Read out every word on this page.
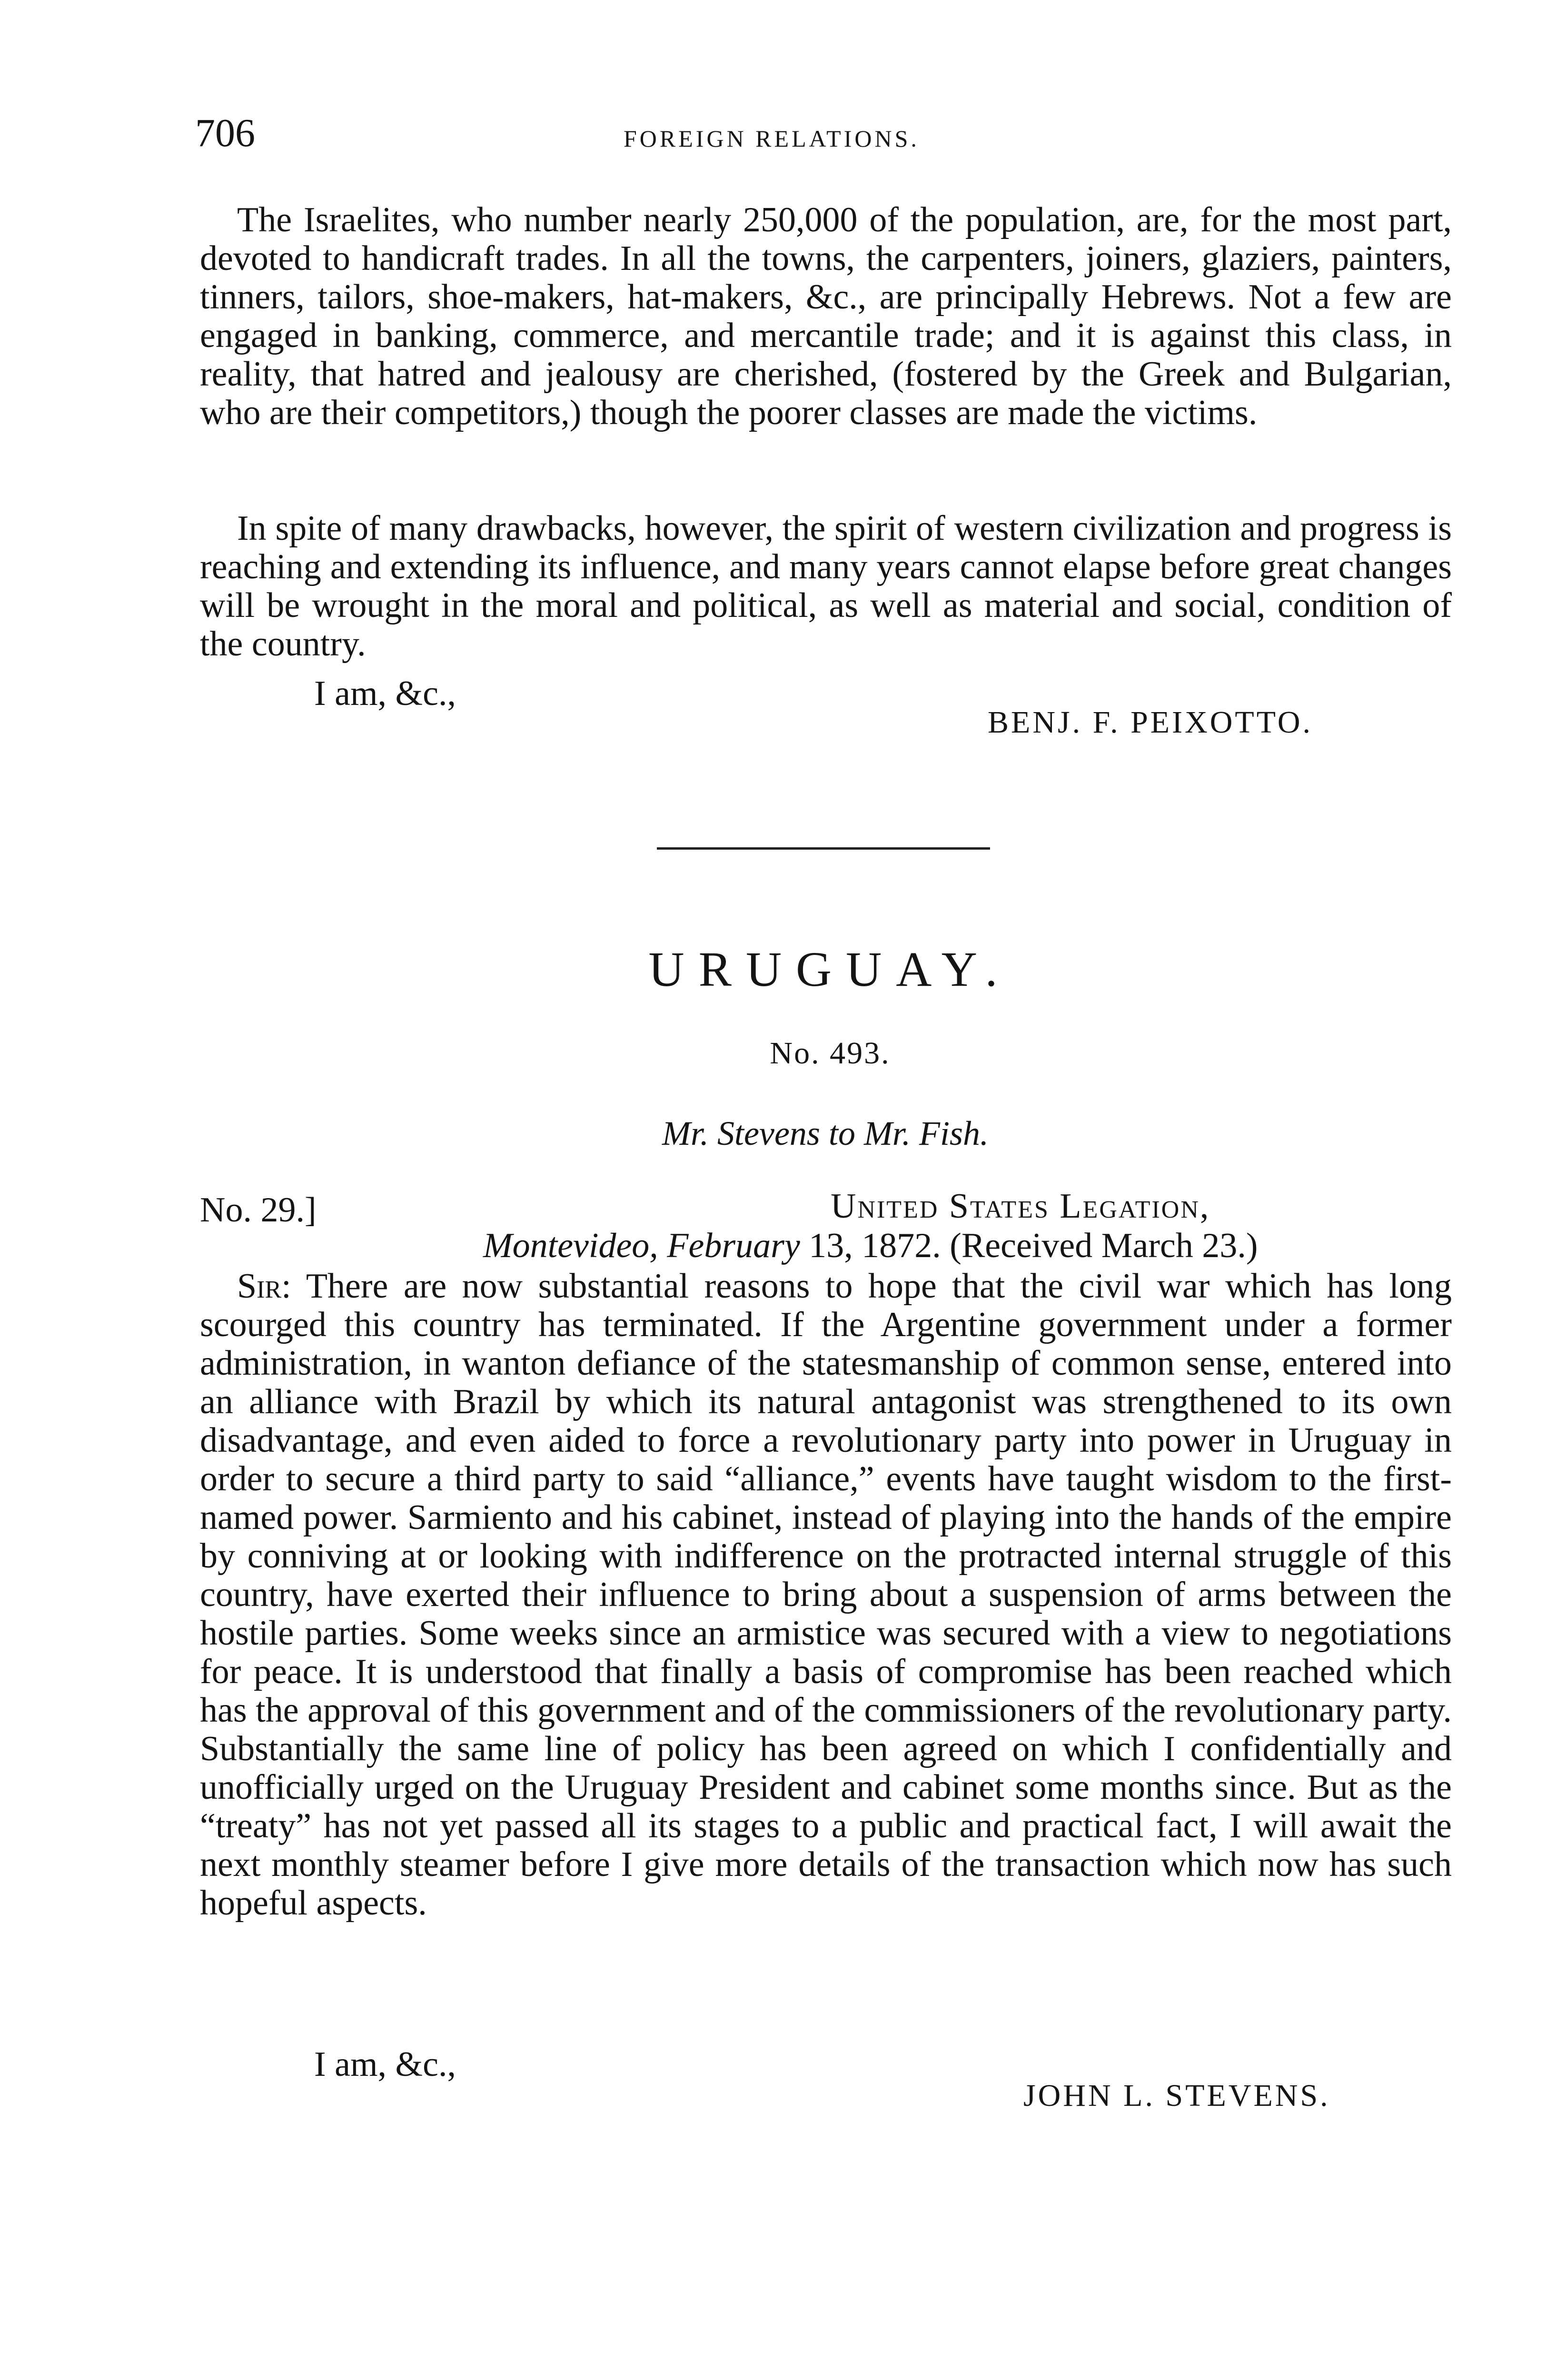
706	FOREIGN RELATIONS.

The Israelites, who number nearly 250,000 of the population, are, for the most part, devoted to handicraft trades. In all the towns, the carpenters, joiners, glaziers, painters, tinners, tailors, shoe-makers, hat-makers, &c., are principally Hebrews. Not a few are engaged in banking, commerce, and mercantile trade; and it is against this class, in reality, that hatred and jealousy are cherished, (fostered by the Greek and Bulgarian, who are their competitors,) though the poorer classes are made the victims.

In spite of many drawbacks, however, the spirit of western civilization and progress is reaching and extending its influence, and many years cannot elapse before great changes will be wrought in the moral and political, as well as material and social, condition of the country.

I am, &c.,
BENJ. F. PEIXOTTO.
URUGUAY.
No. 493.
Mr. Stevens to Mr. Fish.
No. 29.]	United States Legation,
Montevideo, February 13, 1872. (Received March 23.)

Sir: There are now substantial reasons to hope that the civil war which has long scourged this country has terminated. If the Argentine government under a former administration, in wanton defiance of the statesmanship of common sense, entered into an alliance with Brazil by which its natural antagonist was strengthened to its own disadvantage, and even aided to force a revolutionary party into power in Uruguay in order to secure a third party to said “alliance,” events have taught wisdom to the first-named power. Sarmiento and his cabinet, instead of playing into the hands of the empire by conniving at or looking with indifference on the protracted internal struggle of this country, have exerted their influence to bring about a suspension of arms between the hostile parties. Some weeks since an armistice was secured with a view to negotiations for peace. It is understood that finally a basis of compromise has been reached which has the approval of this government and of the commissioners of the revolutionary party. Substantially the same line of policy has been agreed on which I confidentially and unofficially urged on the Uruguay President and cabinet some months since. But as the “treaty” has not yet passed all its stages to a public and practical fact, I will await the next monthly steamer before I give more details of the transaction which now has such hopeful aspects.

I am, &c.,
JOHN L. STEVENS.
